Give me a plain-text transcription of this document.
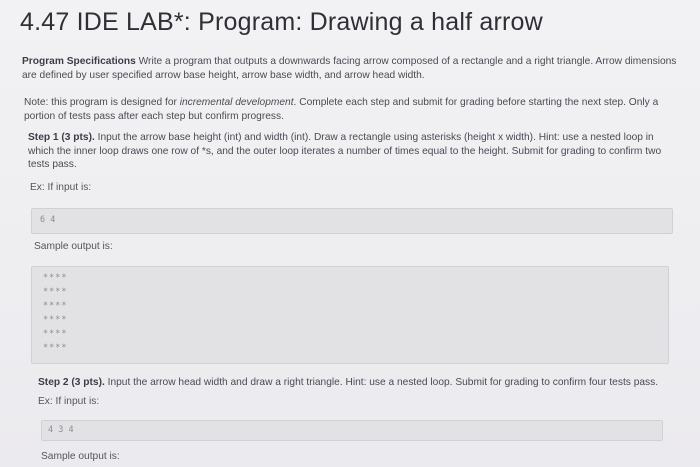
4.47 IDE LAB*: Program: Drawing a half arrow
Program Specifications Write a program that outputs a downwards facing arrow composed of a rectangle and a right triangle. Arrow dimensions are defined by user specified arrow base height, arrow base width, and arrow head width.
Note: this program is designed for incremental development. Complete each step and submit for grading before starting the next step. Only a portion of tests pass after each step but confirm progress.
Step 1 (3 pts). Input the arrow base height (int) and width (int). Draw a rectangle using asterisks (height x width). Hint: use a nested loop in which the inner loop draws one row of *s, and the outer loop iterates a number of times equal to the height. Submit for grading to confirm two tests pass.
Ex: If input is:
6 4
Sample output is:
****
****
****
****
****
****
Step 2 (3 pts). Input the arrow head width and draw a right triangle. Hint: use a nested loop. Submit for grading to confirm four tests pass.
Ex: If input is:
4 3 4
Sample output is:
